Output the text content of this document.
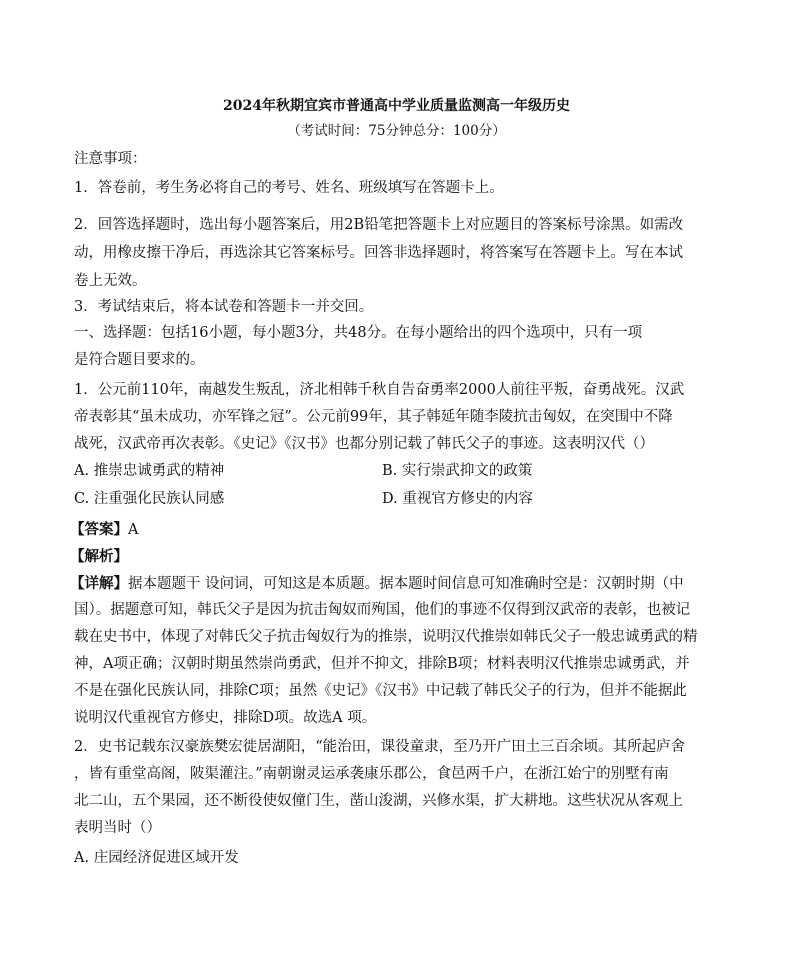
2024年秋期宜宾市普通高中学业质量监测高一年级历史
（考试时间：75分钟总分：100分）
注意事项：
1．答卷前，考生务必将自己的考号、姓名、班级填写在答题卡上。
2．回答选择题时，选出每小题答案后，用2B铅笔把答题卡上对应题目的答案标号涂黑。如需改
动，用橡皮擦干净后，再选涂其它答案标号。回答非选择题时，将答案写在答题卡上。写在本试
卷上无效。
3．考试结束后，将本试卷和答题卡一并交回。
一、选择题：包括16小题，每小题3分，共48分。在每小题给出的四个选项中，只有一项
是符合题目要求的。
1．公元前110年，南越发生叛乱，济北相韩千秋自告奋勇率2000人前往平叛，奋勇战死。汉武
帝表彰其“虽未成功，亦军锋之冠”。公元前99年，其子韩延年随李陵抗击匈奴，在突围中不降
战死，汉武帝再次表彰。《史记》《汉书》也都分别记载了韩氏父子的事迹。这表明汉代（）
A. 推崇忠诚勇武的精神	B. 实行崇武抑文的政策
C. 注重强化民族认同感	D. 重视官方修史的内容
【答案】A
【解析】
【详解】据本题题干 设问词，可知这是本质题。据本题时间信息可知准确时空是：汉朝时期（中
国）。据题意可知，韩氏父子是因为抗击匈奴而殉国，他们的事迹不仅得到汉武帝的表彰，也被记
载在史书中，体现了对韩氏父子抗击匈奴行为的推崇，说明汉代推崇如韩氏父子一般忠诚勇武的精
神，A项正确；汉朝时期虽然崇尚勇武，但并不抑文，排除B项；材料表明汉代推崇忠诚勇武，并
不是在强化民族认同，排除C项；虽然《史记》《汉书》中记载了韩氏父子的行为，但并不能据此
说明汉代重视官方修史，排除D项。故选A 项。
2．史书记载东汉豪族樊宏徙居湖阳，“能治田，课役童隶，至乃开广田土三百余顷。其所起庐舍
，皆有重堂高阁，陂渠灌注。”南朝谢灵运承袭康乐郡公，食邑两千户，在浙江始宁的别墅有南
北二山，五个果园，还不断役使奴僮门生，凿山浚湖，兴修水渠，扩大耕地。这些状况从客观上
表明当时（）
A. 庄园经济促进区域开发
